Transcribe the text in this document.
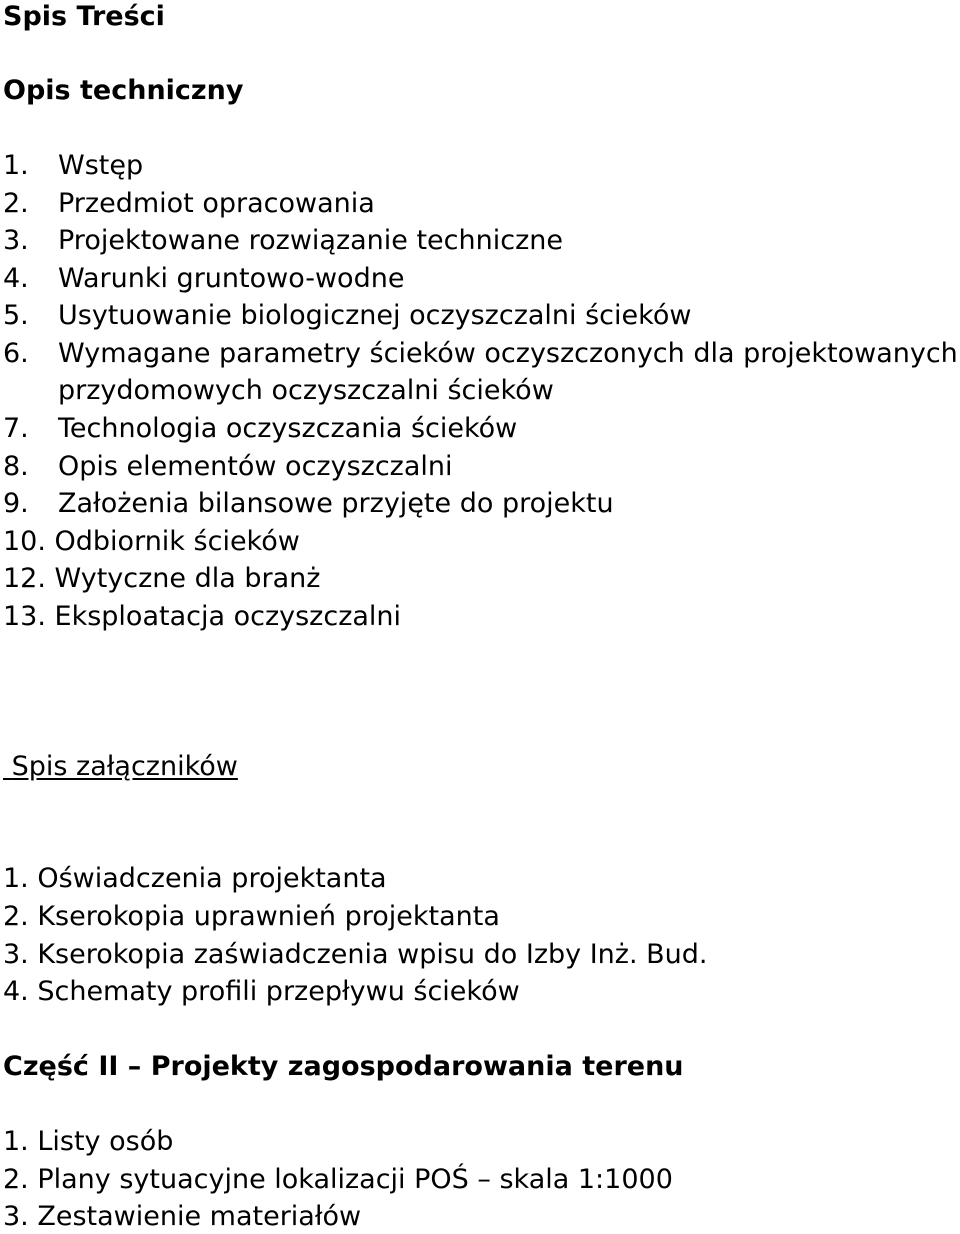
Spis Treści
Opis techniczny
1. Wstęp
2. Przedmiot opracowania
3. Projektowane rozwiązanie techniczne
4. Warunki gruntowo-wodne
5. Usytuowanie biologicznej oczyszczalni ścieków
6. Wymagane parametry ścieków oczyszczonych dla projektowanych
przydomowych oczyszczalni ścieków
7. Technologia oczyszczania ścieków
8. Opis elementów oczyszczalni
9. Założenia bilansowe przyjęte do projektu
10. Odbiornik ścieków
12. Wytyczne dla branż
13. Eksploatacja oczyszczalni
Spis załączników
1. Oświadczenia projektanta
2. Kserokopia uprawnień projektanta
3. Kserokopia zaświadczenia wpisu do Izby Inż. Bud.
4. Schematy profili przepływu ścieków
Część II – Projekty zagospodarowania terenu
1. Listy osób
2. Plany sytuacyjne lokalizacji POŚ – skala 1:1000
3. Zestawienie materiałów
